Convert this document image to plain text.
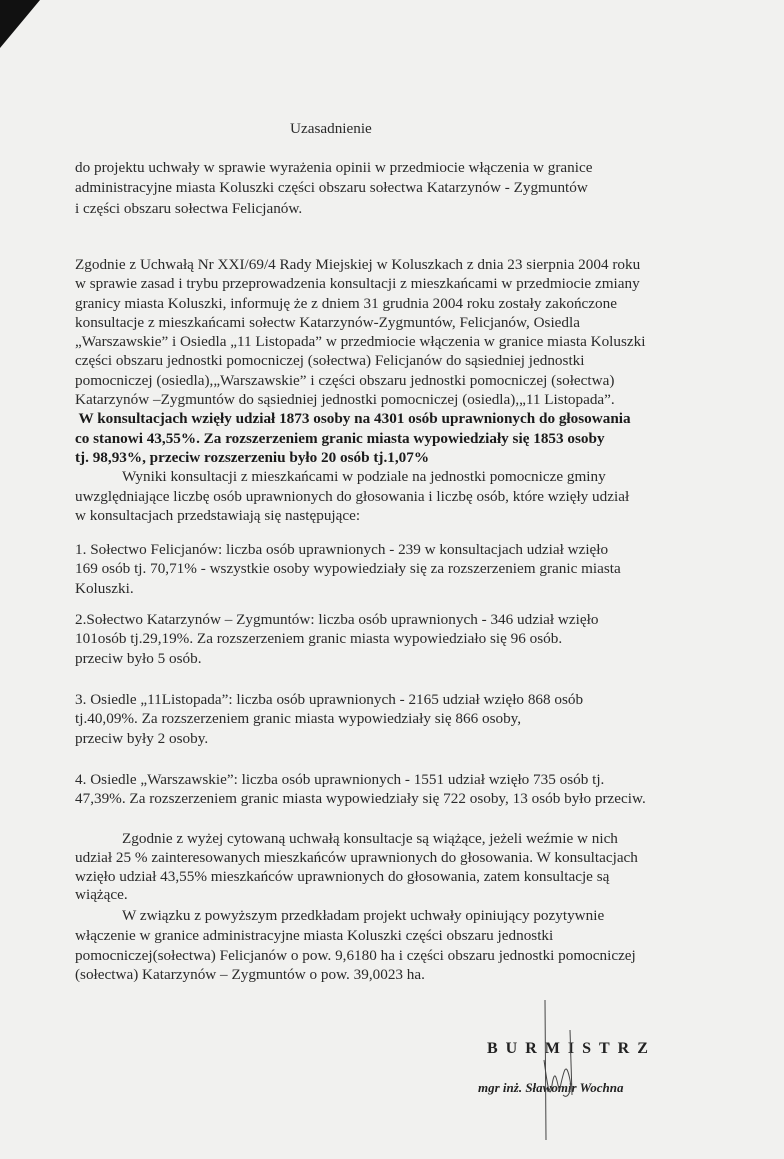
Uzasadnienie
do projektu uchwały w sprawie wyrażenia opinii w przedmiocie włączenia w granice
administracyjne miasta Koluszki części obszaru sołectwa Katarzynów - Zygmuntów
i części obszaru sołectwa Felicjanów.
Zgodnie z Uchwałą Nr XXI/69/4 Rady Miejskiej w Koluszkach z dnia 23 sierpnia 2004 roku
w sprawie zasad i trybu przeprowadzenia konsultacji z mieszkańcami w przedmiocie zmiany
granicy miasta Koluszki, informuję że z dniem 31 grudnia 2004 roku zostały zakończone
konsultacje z mieszkańcami sołectw Katarzynów-Zygmuntów, Felicjanów, Osiedla
„Warszawskie” i Osiedla „11 Listopada” w przedmiocie włączenia w granice miasta Koluszki
części obszaru jednostki pomocniczej (sołectwa) Felicjanów do sąsiedniej jednostki
pomocniczej (osiedla),„Warszawskie” i części obszaru jednostki pomocniczej (sołectwa)
Katarzynów –Zygmuntów do sąsiedniej jednostki pomocniczej (osiedla),„11 Listopada”.
W konsultacjach wzięły udział 1873 osoby na 4301 osób uprawnionych do głosowania
co stanowi 43,55%. Za rozszerzeniem granic miasta wypowiedziały się 1853 osoby
tj. 98,93%, przeciw rozszerzeniu było 20 osób tj.1,07%
Wyniki konsultacji z mieszkańcami w podziale na jednostki pomocnicze gminy
uwzględniające liczbę osób uprawnionych do głosowania i liczbę osób, które wzięły udział
w konsultacjach przedstawiają się następujące:
1. Sołectwo Felicjanów: liczba osób uprawnionych - 239 w konsultacjach udział wzięło
169 osób tj. 70,71% - wszystkie osoby wypowiedziały się za rozszerzeniem granic miasta
Koluszki.
2.Sołectwo Katarzynów – Zygmuntów: liczba osób uprawnionych - 346 udział wzięło
101osób tj.29,19%. Za rozszerzeniem granic miasta wypowiedziało się 96 osób.
przeciw było 5 osób.
3. Osiedle „11Listopada”: liczba osób uprawnionych - 2165 udział wzięło 868 osób
tj.40,09%. Za rozszerzeniem granic miasta wypowiedziały się 866 osoby,
przeciw były 2 osoby.
4. Osiedle „Warszawskie”: liczba osób uprawnionych - 1551 udział wzięło 735 osób tj.
47,39%. Za rozszerzeniem granic miasta wypowiedziały się 722 osoby, 13 osób było przeciw.
Zgodnie z wyżej cytowaną uchwałą konsultacje są wiążące, jeżeli weźmie w nich
udział 25 % zainteresowanych mieszkańców uprawnionych do głosowania. W konsultacjach
wzięło udział 43,55% mieszkańców uprawnionych do głosowania, zatem konsultacje są
wiążące.
W związku z powyższym przedkładam projekt uchwały opiniujący pozytywnie
włączenie w granice administracyjne miasta Koluszki części obszaru jednostki
pomocniczej(sołectwa) Felicjanów o pow. 9,6180 ha i części obszaru jednostki pomocniczej
(sołectwa) Katarzynów – Zygmuntów o pow. 39,0023 ha.
BURMISTRZ
mgr inż. Sławomir Wochna
